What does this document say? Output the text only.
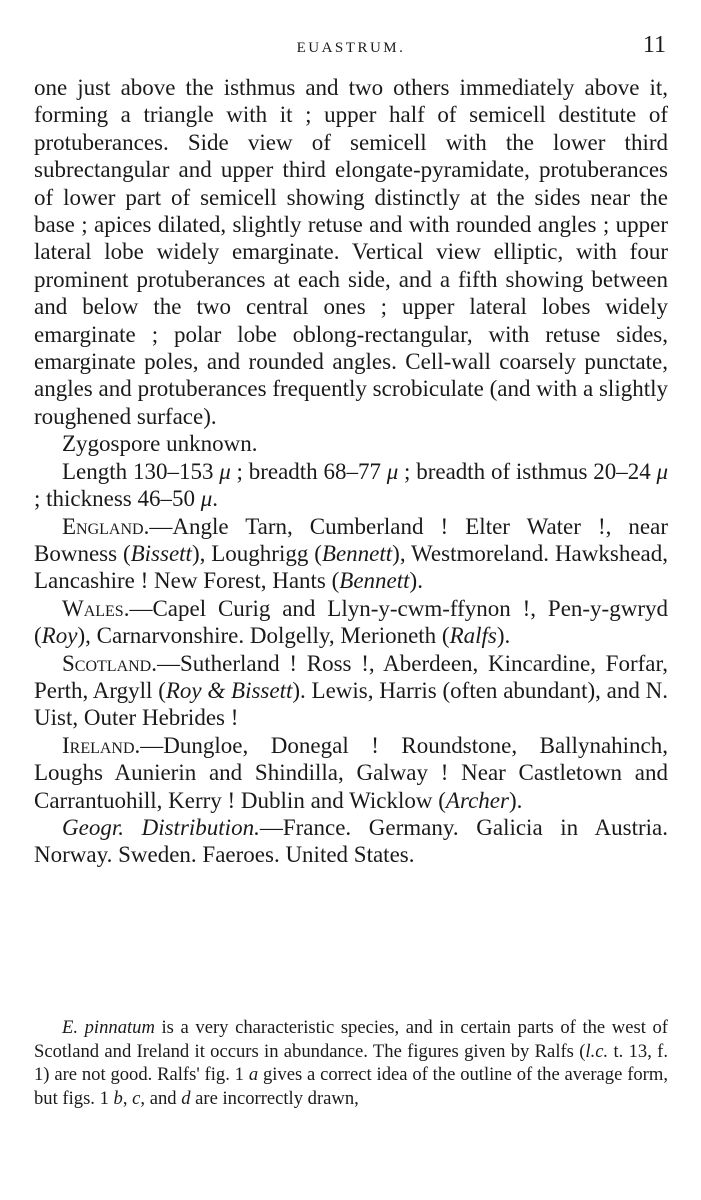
EUASTRUM.	11

one just above the isthmus and two others immediately above it, forming a triangle with it ; upper half of semicell destitute of protuberances. Side view of semicell with the lower third subrectangular and upper third elongate-pyramidate, protuberances of lower part of semicell showing distinctly at the sides near the base ; apices dilated, slightly retuse and with rounded angles ; upper lateral lobe widely emarginate. Vertical view elliptic, with four prominent protuberances at each side, and a fifth showing between and below the two central ones ; upper lateral lobes widely emarginate ; polar lobe oblong-rectangular, with retuse sides, emarginate poles, and rounded angles. Cell-wall coarsely punctate, angles and protuberances frequently scrobiculate (and with a slightly roughened surface).

Zygospore unknown.

Length 130–153 μ ; breadth 68–77 μ ; breadth of isthmus 20–24 μ ; thickness 46–50 μ.

England.—Angle Tarn, Cumberland ! Elter Water !, near Bowness (Bissett), Loughrigg (Bennett), Westmoreland. Hawkshead, Lancashire ! New Forest, Hants (Bennett).

Wales.—Capel Curig and Llyn-y-cwm-ffynon !, Pen-y-gwryd (Roy), Carnarvonshire. Dolgelly, Merioneth (Ralfs).

Scotland.—Sutherland ! Ross !, Aberdeen, Kincardine, Forfar, Perth, Argyll (Roy & Bissett). Lewis, Harris (often abundant), and N. Uist, Outer Hebrides !

Ireland.—Dungloe, Donegal ! Roundstone, Ballynahinch, Loughs Aunierin and Shindilla, Galway ! Near Castletown and Carrantuohill, Kerry ! Dublin and Wicklow (Archer).

Geogr. Distribution.—France. Germany. Galicia in Austria. Norway. Sweden. Faeroes. United States.

E. pinnatum is a very characteristic species, and in certain parts of the west of Scotland and Ireland it occurs in abundance. The figures given by Ralfs (l.c. t. 13, f. 1) are not good. Ralfs' fig. 1 a gives a correct idea of the outline of the average form, but figs. 1 b, c, and d are incorrectly drawn,
